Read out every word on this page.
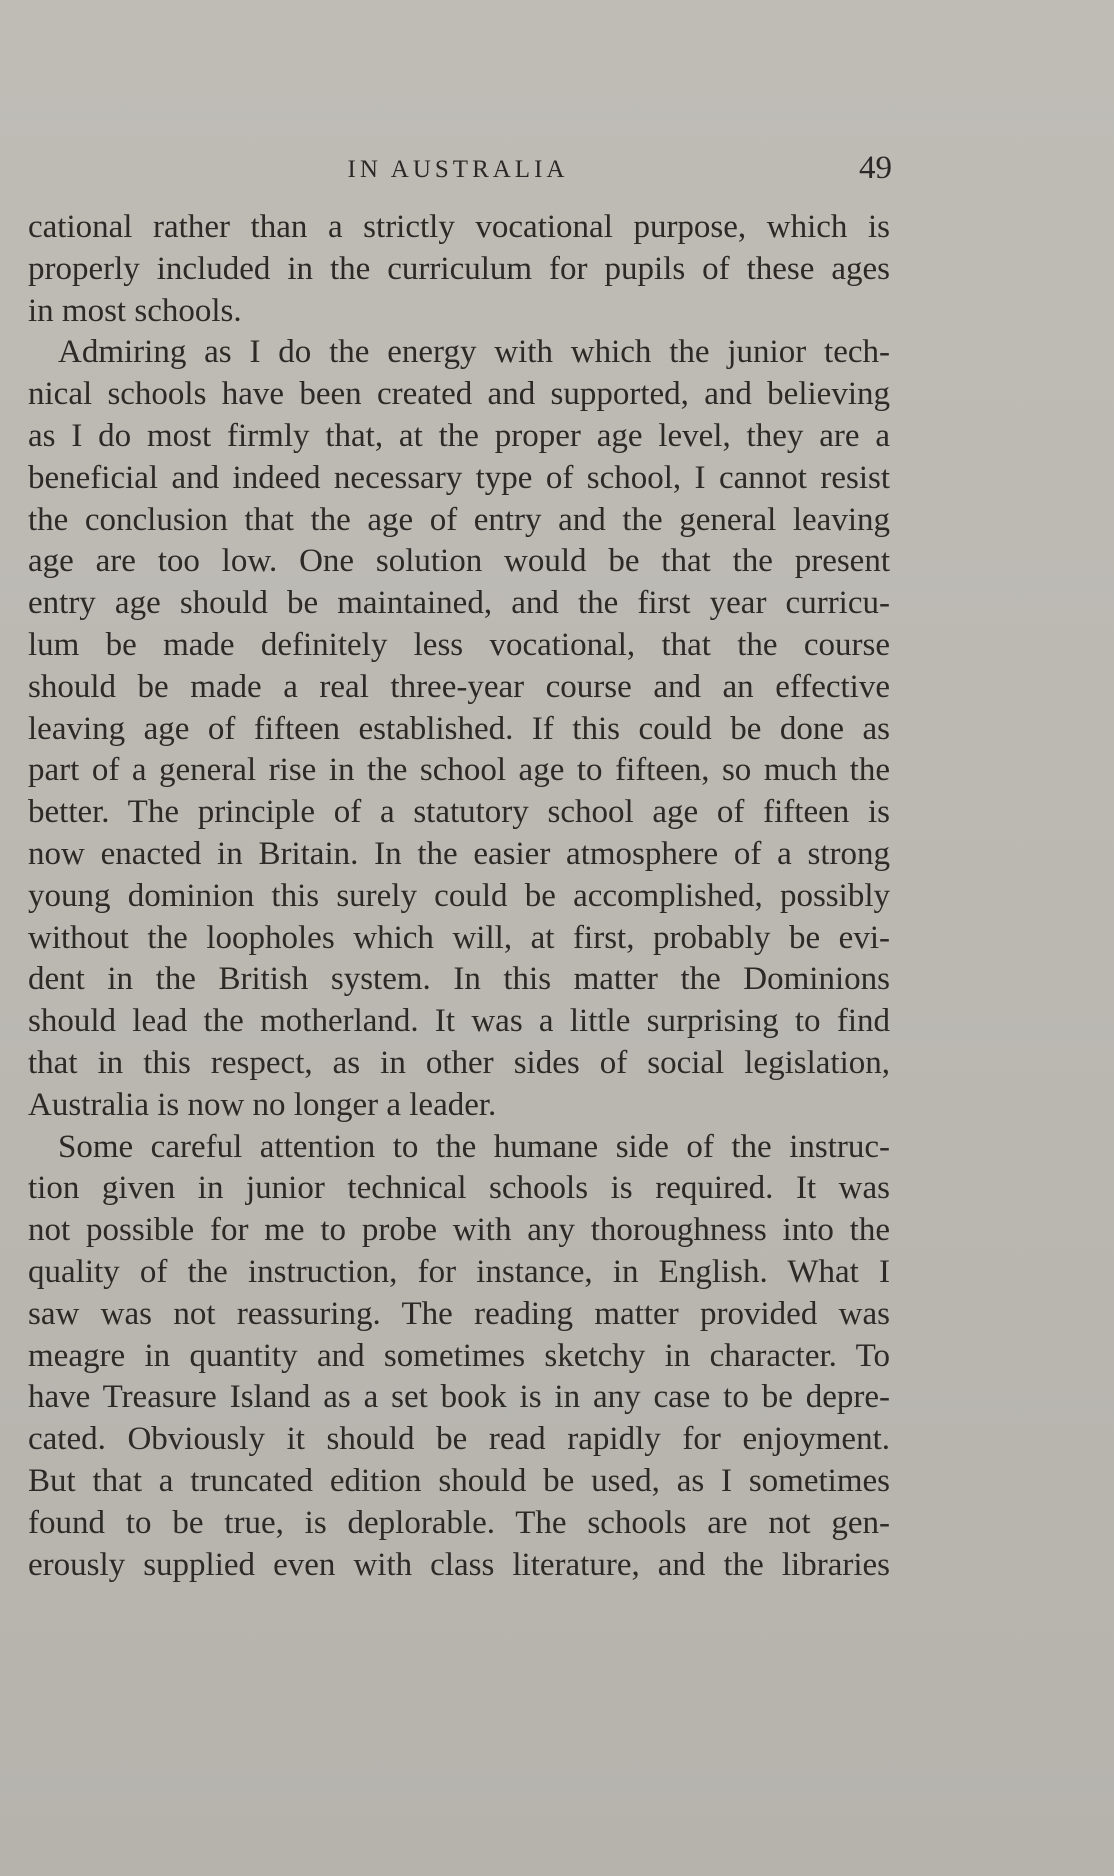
IN AUSTRALIA	49
cational rather than a strictly vocational purpose, which is
properly included in the curriculum for pupils of these ages
in most schools.
Admiring as I do the energy with which the junior tech-
nical schools have been created and supported, and believing
as I do most firmly that, at the proper age level, they are a
beneficial and indeed necessary type of school, I cannot resist
the conclusion that the age of entry and the general leaving
age are too low. One solution would be that the present
entry age should be maintained, and the first year curricu-
lum be made definitely less vocational, that the course
should be made a real three-year course and an effective
leaving age of fifteen established. If this could be done as
part of a general rise in the school age to fifteen, so much the
better. The principle of a statutory school age of fifteen is
now enacted in Britain. In the easier atmosphere of a strong
young dominion this surely could be accomplished, possibly
without the loopholes which will, at first, probably be evi-
dent in the British system. In this matter the Dominions
should lead the motherland. It was a little surprising to find
that in this respect, as in other sides of social legislation,
Australia is now no longer a leader.
Some careful attention to the humane side of the instruc-
tion given in junior technical schools is required. It was
not possible for me to probe with any thoroughness into the
quality of the instruction, for instance, in English. What I
saw was not reassuring. The reading matter provided was
meagre in quantity and sometimes sketchy in character. To
have Treasure Island as a set book is in any case to be depre-
cated. Obviously it should be read rapidly for enjoyment.
But that a truncated edition should be used, as I sometimes
found to be true, is deplorable. The schools are not gen-
erously supplied even with class literature, and the libraries
